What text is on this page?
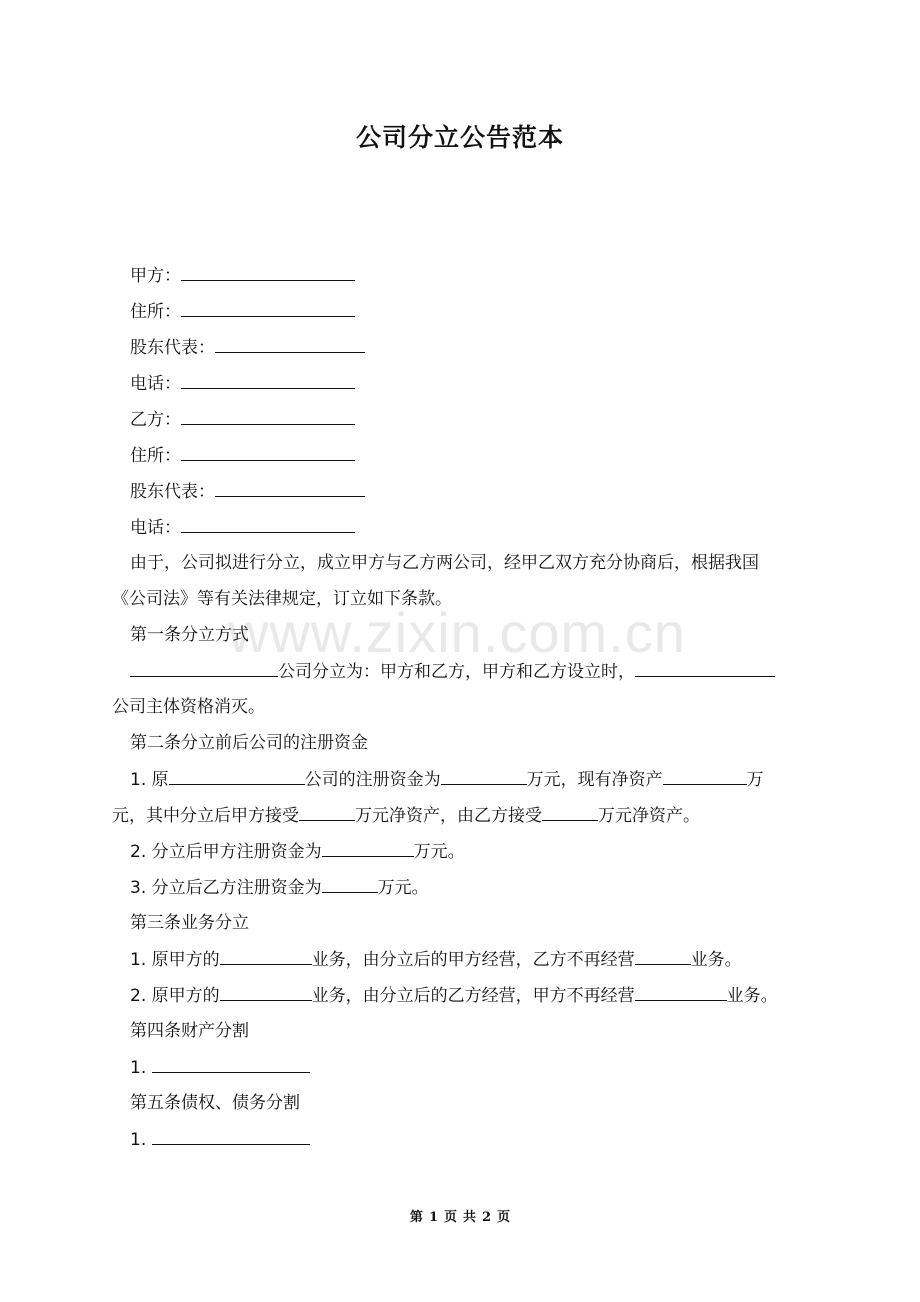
公司分立公告范本
www.zixin.com.cn
甲方：
住所：
股东代表：
电话：
乙方：
住所：
股东代表：
电话：
由于，公司拟进行分立，成立甲方与乙方两公司，经甲乙双方充分协商后，根据我国
《公司法》等有关法律规定，订立如下条款。
第一条分立方式
公司分立为：甲方和乙方，甲方和乙方设立时，
公司主体资格消灭。
第二条分立前后公司的注册资金
1. 原	公司的注册资金为	万元，现有净资产	万
元，其中分立后甲方接受	万元净资产，由乙方接受	万元净资产。
2. 分立后甲方注册资金为	万元。
3. 分立后乙方注册资金为	万元。
第三条业务分立
1. 原甲方的	业务，由分立后的甲方经营，乙方不再经营	业务。
2. 原甲方的	业务，由分立后的乙方经营，甲方不再经营	业务。
第四条财产分割
1.
第五条债权、债务分割
1.
第 1 页 共 2 页
